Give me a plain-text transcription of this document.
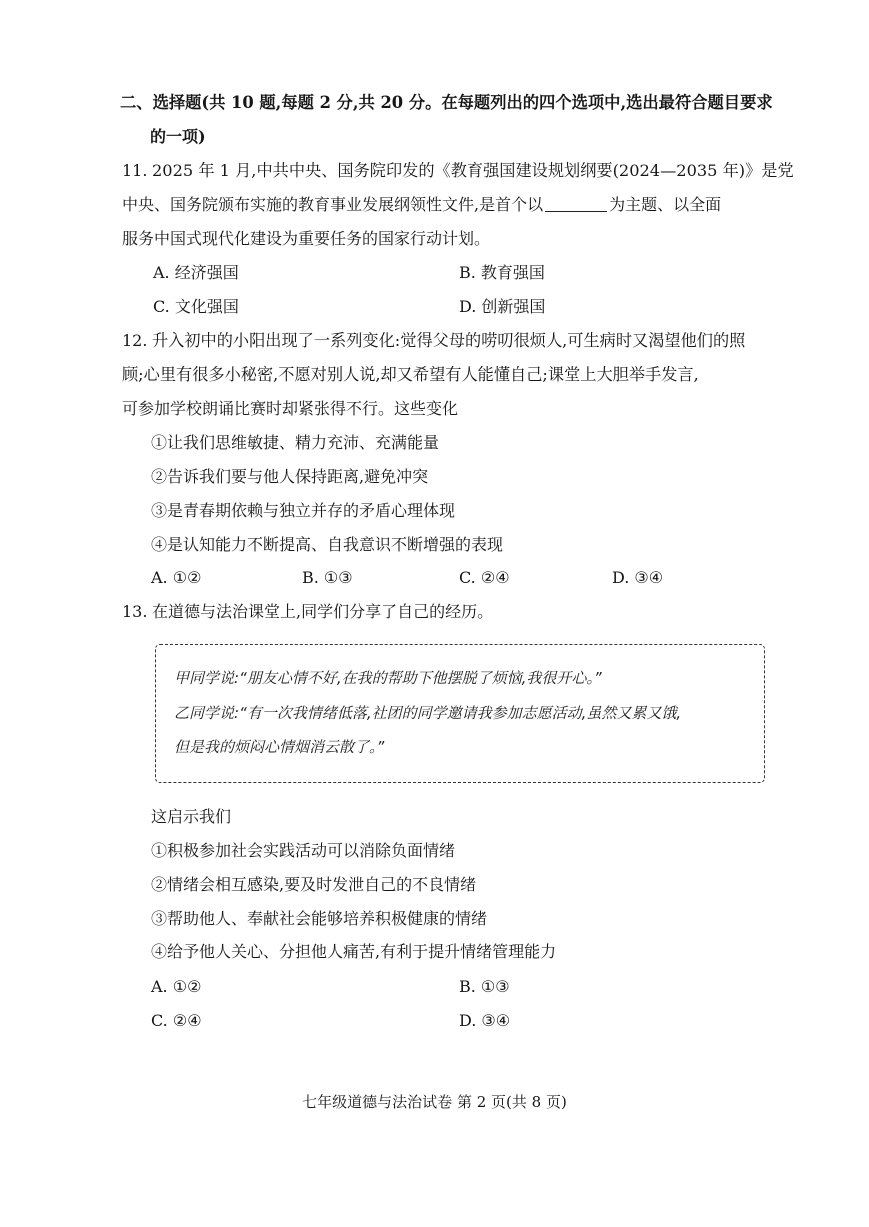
二、选择题(共 10 题,每题 2 分,共 20 分。在每题列出的四个选项中,选出最符合题目要求
的一项)
11. 2025 年 1 月,中共中央、国务院印发的《教育强国建设规划纲要(2024—2035 年)》是党
中央、国务院颁布实施的教育事业发展纲领性文件,是首个以	为主题、以全面
服务中国式现代化建设为重要任务的国家行动计划。
A. 经济强国	B. 教育强国
C. 文化强国	D. 创新强国
12. 升入初中的小阳出现了一系列变化:觉得父母的唠叨很烦人,可生病时又渴望他们的照
顾;心里有很多小秘密,不愿对别人说,却又希望有人能懂自己;课堂上大胆举手发言,
可参加学校朗诵比赛时却紧张得不行。这些变化
①让我们思维敏捷、精力充沛、充满能量
②告诉我们要与他人保持距离,避免冲突
③是青春期依赖与独立并存的矛盾心理体现
④是认知能力不断提高、自我意识不断增强的表现
A. ①②	B. ①③	C. ②④	D. ③④
13. 在道德与法治课堂上,同学们分享了自己的经历。
甲同学说:“朋友心情不好,在我的帮助下他摆脱了烦恼,我很开心。”
乙同学说:“有一次我情绪低落,社团的同学邀请我参加志愿活动,虽然又累又饿,
但是我的烦闷心情烟消云散了。”
这启示我们
①积极参加社会实践活动可以消除负面情绪
②情绪会相互感染,要及时发泄自己的不良情绪
③帮助他人、奉献社会能够培养积极健康的情绪
④给予他人关心、分担他人痛苦,有利于提升情绪管理能力
A. ①②	B. ①③
C. ②④	D. ③④
七年级道德与法治试卷 第 2 页(共 8 页)
